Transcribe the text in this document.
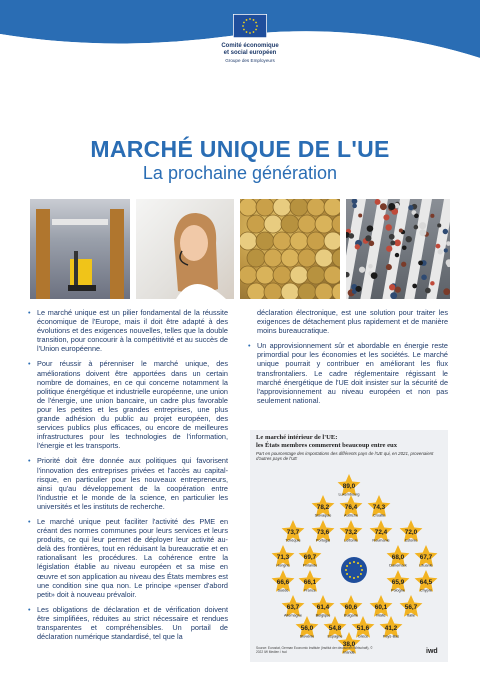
Comité économique
et social européen
Groupe des Employeurs
MARCHÉ UNIQUE DE L'UE
La prochaine génération

• Le marché unique est un pilier fondamental de la réussite économique de l'Europe, mais il doit être adapté à des évolutions et des exigences nouvelles, telles que la double transition, pour concourir à la compétitivité et au succès de l'Union européenne.

• Pour réussir à pérenniser le marché unique, des améliorations doivent être apportées dans un certain nombre de domaines, en ce qui concerne notamment la politique énergétique et industrielle européenne, une union de l'énergie, une union bancaire, un cadre plus favorable pour les petites et les grandes entreprises, une plus grande adhésion du public au projet européen, des services publics plus efficaces, ou encore de meilleures infrastructures pour les technologies de l'information, l'énergie et les transports.

• Priorité doit être donnée aux politiques qui favorisent l'innovation des entreprises privées et l'accès au capital-risque, en particulier pour les nouveaux entrepreneurs, ainsi qu'au développement de la coopération entre l'industrie et le monde de la science, en particulier les universités et les instituts de recherche.

• Le marché unique peut faciliter l'activité des PME en créant des normes communes pour leurs services et leurs produits, ce qui leur permet de déployer leur activité au-delà des frontières, tout en réduisant la bureaucratie et en rationalisant les procédures. La cohérence entre la législation établie au niveau européen et sa mise en œuvre et son application au niveau des États membres est une condition sine qua non. Le principe «penser d'abord petit» doit à nouveau prévaloir.

• Les obligations de déclaration et de vérification doivent être simplifiées, réduites au strict nécessaire et rendues transparentes et compréhensibles. Un portail de déclaration numérique standardisé, tel que la

déclaration électronique, est une solution pour traiter les exigences de détachement plus rapidement et de manière moins bureaucratique.

• Un approvisionnement sûr et abordable en énergie reste primordial pour les économies et les sociétés. Le marché unique pourrait y contribuer en améliorant les flux transfrontaliers. Le cadre réglementaire régissant le marché énergétique de l'UE doit insister sur la sécurité de l'approvisionnement au niveau européen et non pas seulement national.

89,0
Luxembourg
78,2
Slovaquie
76,4
Autriche
74,3
Croatie
73,7
Tchéquie
73,6
Portugal
73,2
Lettonie
72,4
Roumanie
72,0
Estonie
71,3
Hongrie
69,7
Finlande
68,0
Danemark
67,7
Lituanie
66,6
Suède
66,1
France
65,9
Pologne
64,5
Chypre
63,7
Allemagne
61,4
Belgique
60,6
Bulgarie
60,1
Malte
56,7
Italie
56,0
Slovénie
54,8
Espagne
51,6
Grèce
41,2
Pays-Bas
38,0
Irlande
Le marché intérieur de l'UE:
les États membres commerent beaucoup entre eux
Part en pourcentage des importations des différents pays de l'UE qui, en 2021, provenaient d'autres pays de l'UE
Source: Eurostat, German Economic Institute (Institut der deutschen Wirtschaft), © 2022 IW Medien / iwd	iwd
